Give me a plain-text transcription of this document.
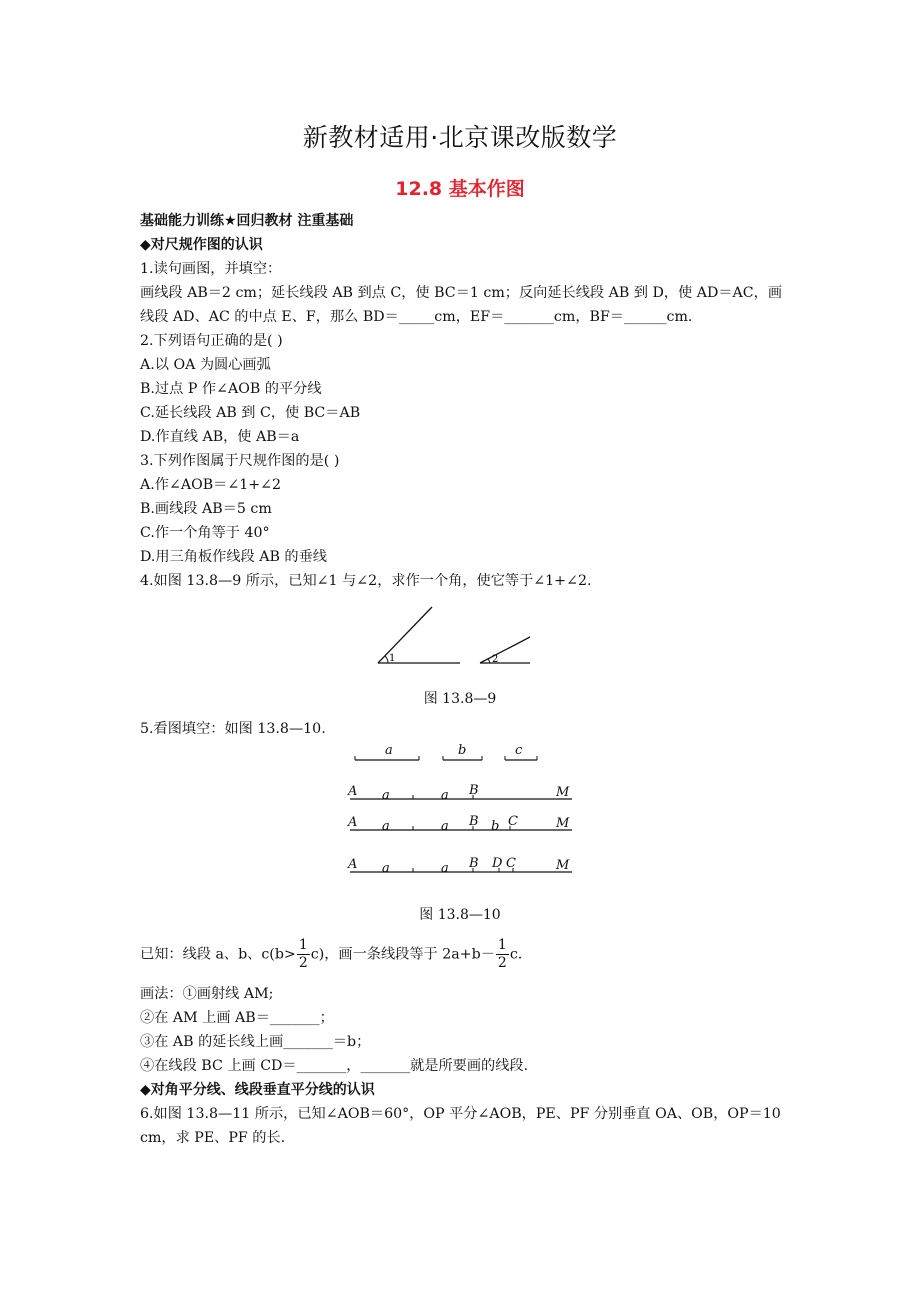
新教材适用·北京课改版数学
12.8 基本作图
基础能力训练★回归教材 注重基础
◆对尺规作图的认识
1.读句画图，并填空：
画线段 AB＝2 cm；延长线段 AB 到点 C，使 BC＝1 cm；反向延长线段 AB 到 D，使 AD＝AC，画
线段 AD、AC 的中点 E、F，那么 BD＝_____cm，EF＝_______cm，BF＝______cm.
2.下列语句正确的是( )
A.以 OA 为圆心画弧
B.过点 P 作∠AOB 的平分线
C.延长线段 AB 到 C，使 BC＝AB
D.作直线 AB，使 AB＝a
3.下列作图属于尺规作图的是( )
A.作∠AOB＝∠1+∠2
B.画线段 AB＝5 cm
C.作一个角等于 40°
D.用三角板作线段 AB 的垂线
4.如图 13.8—9 所示，已知∠1 与∠2，求作一个角，使它等于∠1+∠2.
1	2
图 13.8—9
5.看图填空：如图 13.8—10.
a	b	c
A a	a B	M
A a	a B b C	M
A a	a B D C	M
图 13.8—10
已知：线段 a、b、$c(b> \frac{1}{2} c)$，画一条线段等于 $2a+b- \frac{1}{2} c$.
画法：①画射线 AM;
②在 AM 上画 AB＝_______；
③在 AB 的延长线上画_______＝b；
④在线段 BC 上画 CD＝_______，_______就是所要画的线段.
◆对角平分线、线段垂直平分线的认识
6.如图 13.8—11 所示，已知∠AOB＝60°，OP 平分∠AOB，PE、PF 分别垂直 OA、OB，OP＝10
cm，求 PE、PF 的长.
